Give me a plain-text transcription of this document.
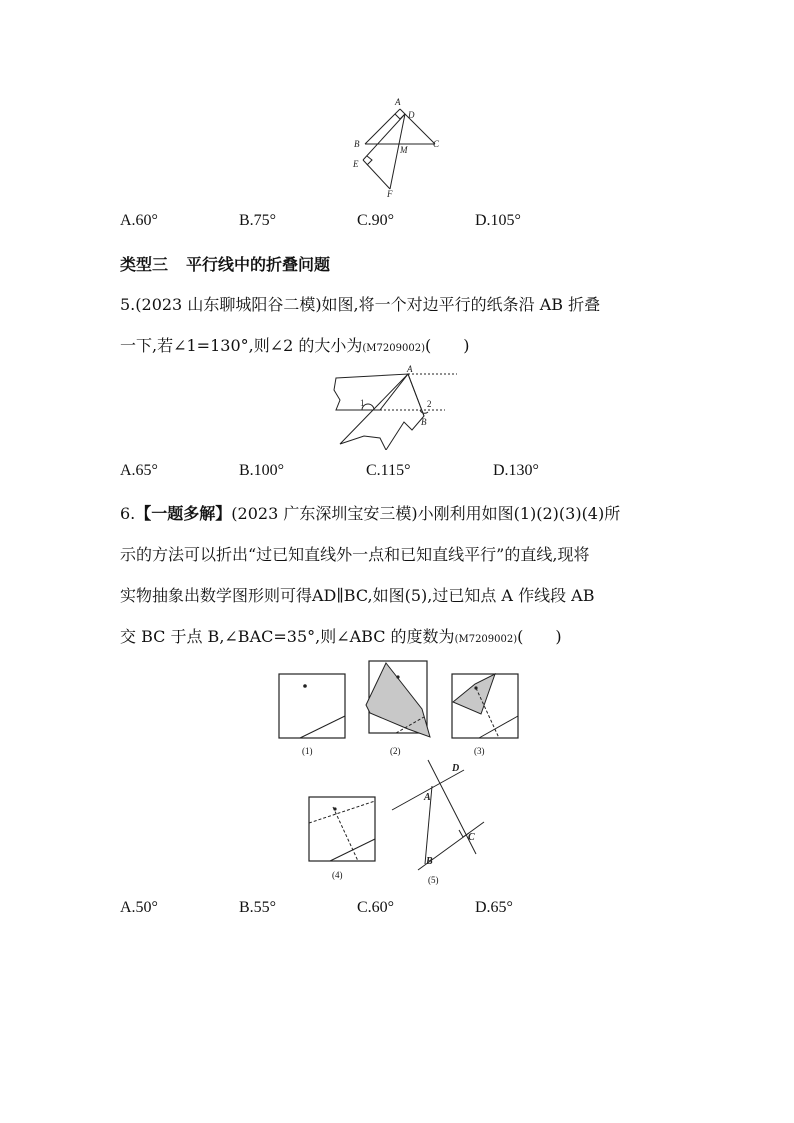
A
D
B	C
M
E
F
A.60°	B.75°	C.90°	D.105°
类型三 平行线中的折叠问题
5.(2023 山东聊城阳谷二模)如图,将一个对边平行的纸条沿 AB 折叠
一下,若∠1=130°,则∠2 的大小为(M7209002)(　　)
A
B
1	2
A.65°	B.100°	C.115°	D.130°
6.【一题多解】(2023 广东深圳宝安三模)小刚利用如图(1)(2)(3)(4)所
示的方法可以折出“过已知直线外一点和已知直线平行”的直线,现将
实物抽象出数学图形则可得AD∥BC,如图(5),过已知点 A 作线段 AB
交 BC 于点 B,∠BAC=35°,则∠ABC 的度数为(M7209002)(　　)
(1)	(2)	(3)
(4)
D
A
C
B
(5)
A.50°	B.55°	C.60°	D.65°
